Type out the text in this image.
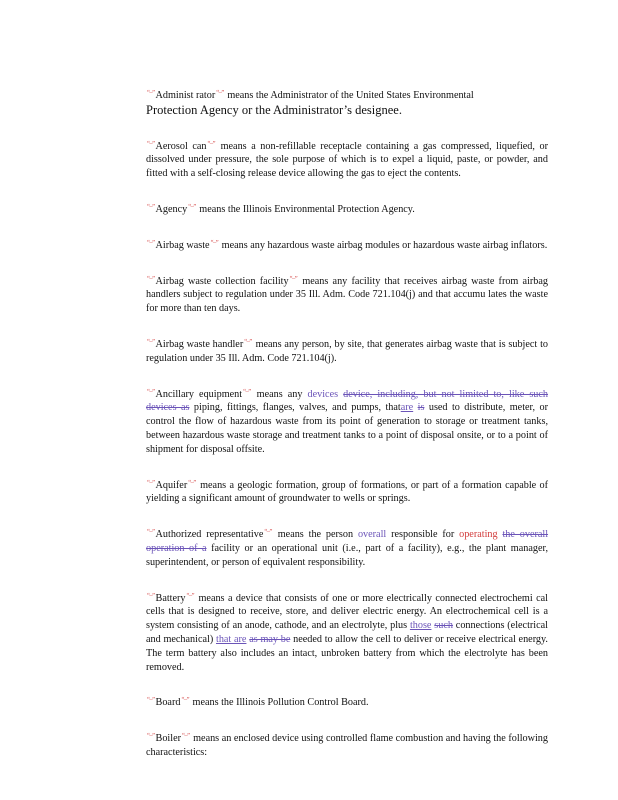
“–”Administ rator“–” means the Administrator of the United States Environmental
Protection Agency or the Administrator’s designee.

“–”Aerosol can“–” means a non-refillable receptacle containing a gas compressed, liquefied, or dissolved under pressure, the sole purpose of which is to expel a liquid, paste, or powder, and fitted with a self-closing release device allowing the gas to eject the contents.

“–”Agency“–” means the Illinois Environmental Protection Agency.

“–”Airbag waste“–” means any hazardous waste airbag modules or hazardous waste airbag inflators.

“–”Airbag waste collection facility“–” means any facility that receives airbag waste from airbag handlers subject to regulation under 35 Ill. Adm. Code 721.104(j) and that accumu lates the waste for more than ten days.

“–”Airbag waste handler“–” means any person, by site, that generates airbag waste that is subject to regulation under 35 Ill. Adm. Code 721.104(j).

“–”Ancillary equipment“–” means any devices device, including, but not limited to, like such devices as piping, fittings, flanges, valves, and pumps, thatare is used to distribute, meter, or control the flow of hazardous waste from its point of generation to storage or treatment tanks, between hazardous waste storage and treatment tanks to a point of disposal onsite, or to a point of shipment for disposal offsite.

“–”Aquifer“–” means a geologic formation, group of formations, or part of a formation capable of yielding a significant amount of groundwater to wells or springs.

“–”Authorized representative“–” means the person overall responsible for operating the overall operation of a facility or an operational unit (i.e., part of a facility), e.g., the plant manager, superintendent, or person of equivalent responsibility.

“–”Battery“–” means a device that consists of one or more electrically connected electrochemi cal cells that is designed to receive, store, and deliver electric energy. An electrochemical cell is a system consisting of an anode, cathode, and an electrolyte, plus those such connections (electrical and mechanical) that are as may be needed to allow the cell to deliver or receive electrical energy. The term battery also includes an intact, unbroken battery from which the electrolyte has been removed.

“–”Board“–” means the Illinois Pollution Control Board.

“–”Boiler“–” means an enclosed device using controlled flame combustion and having the following characteristics:
